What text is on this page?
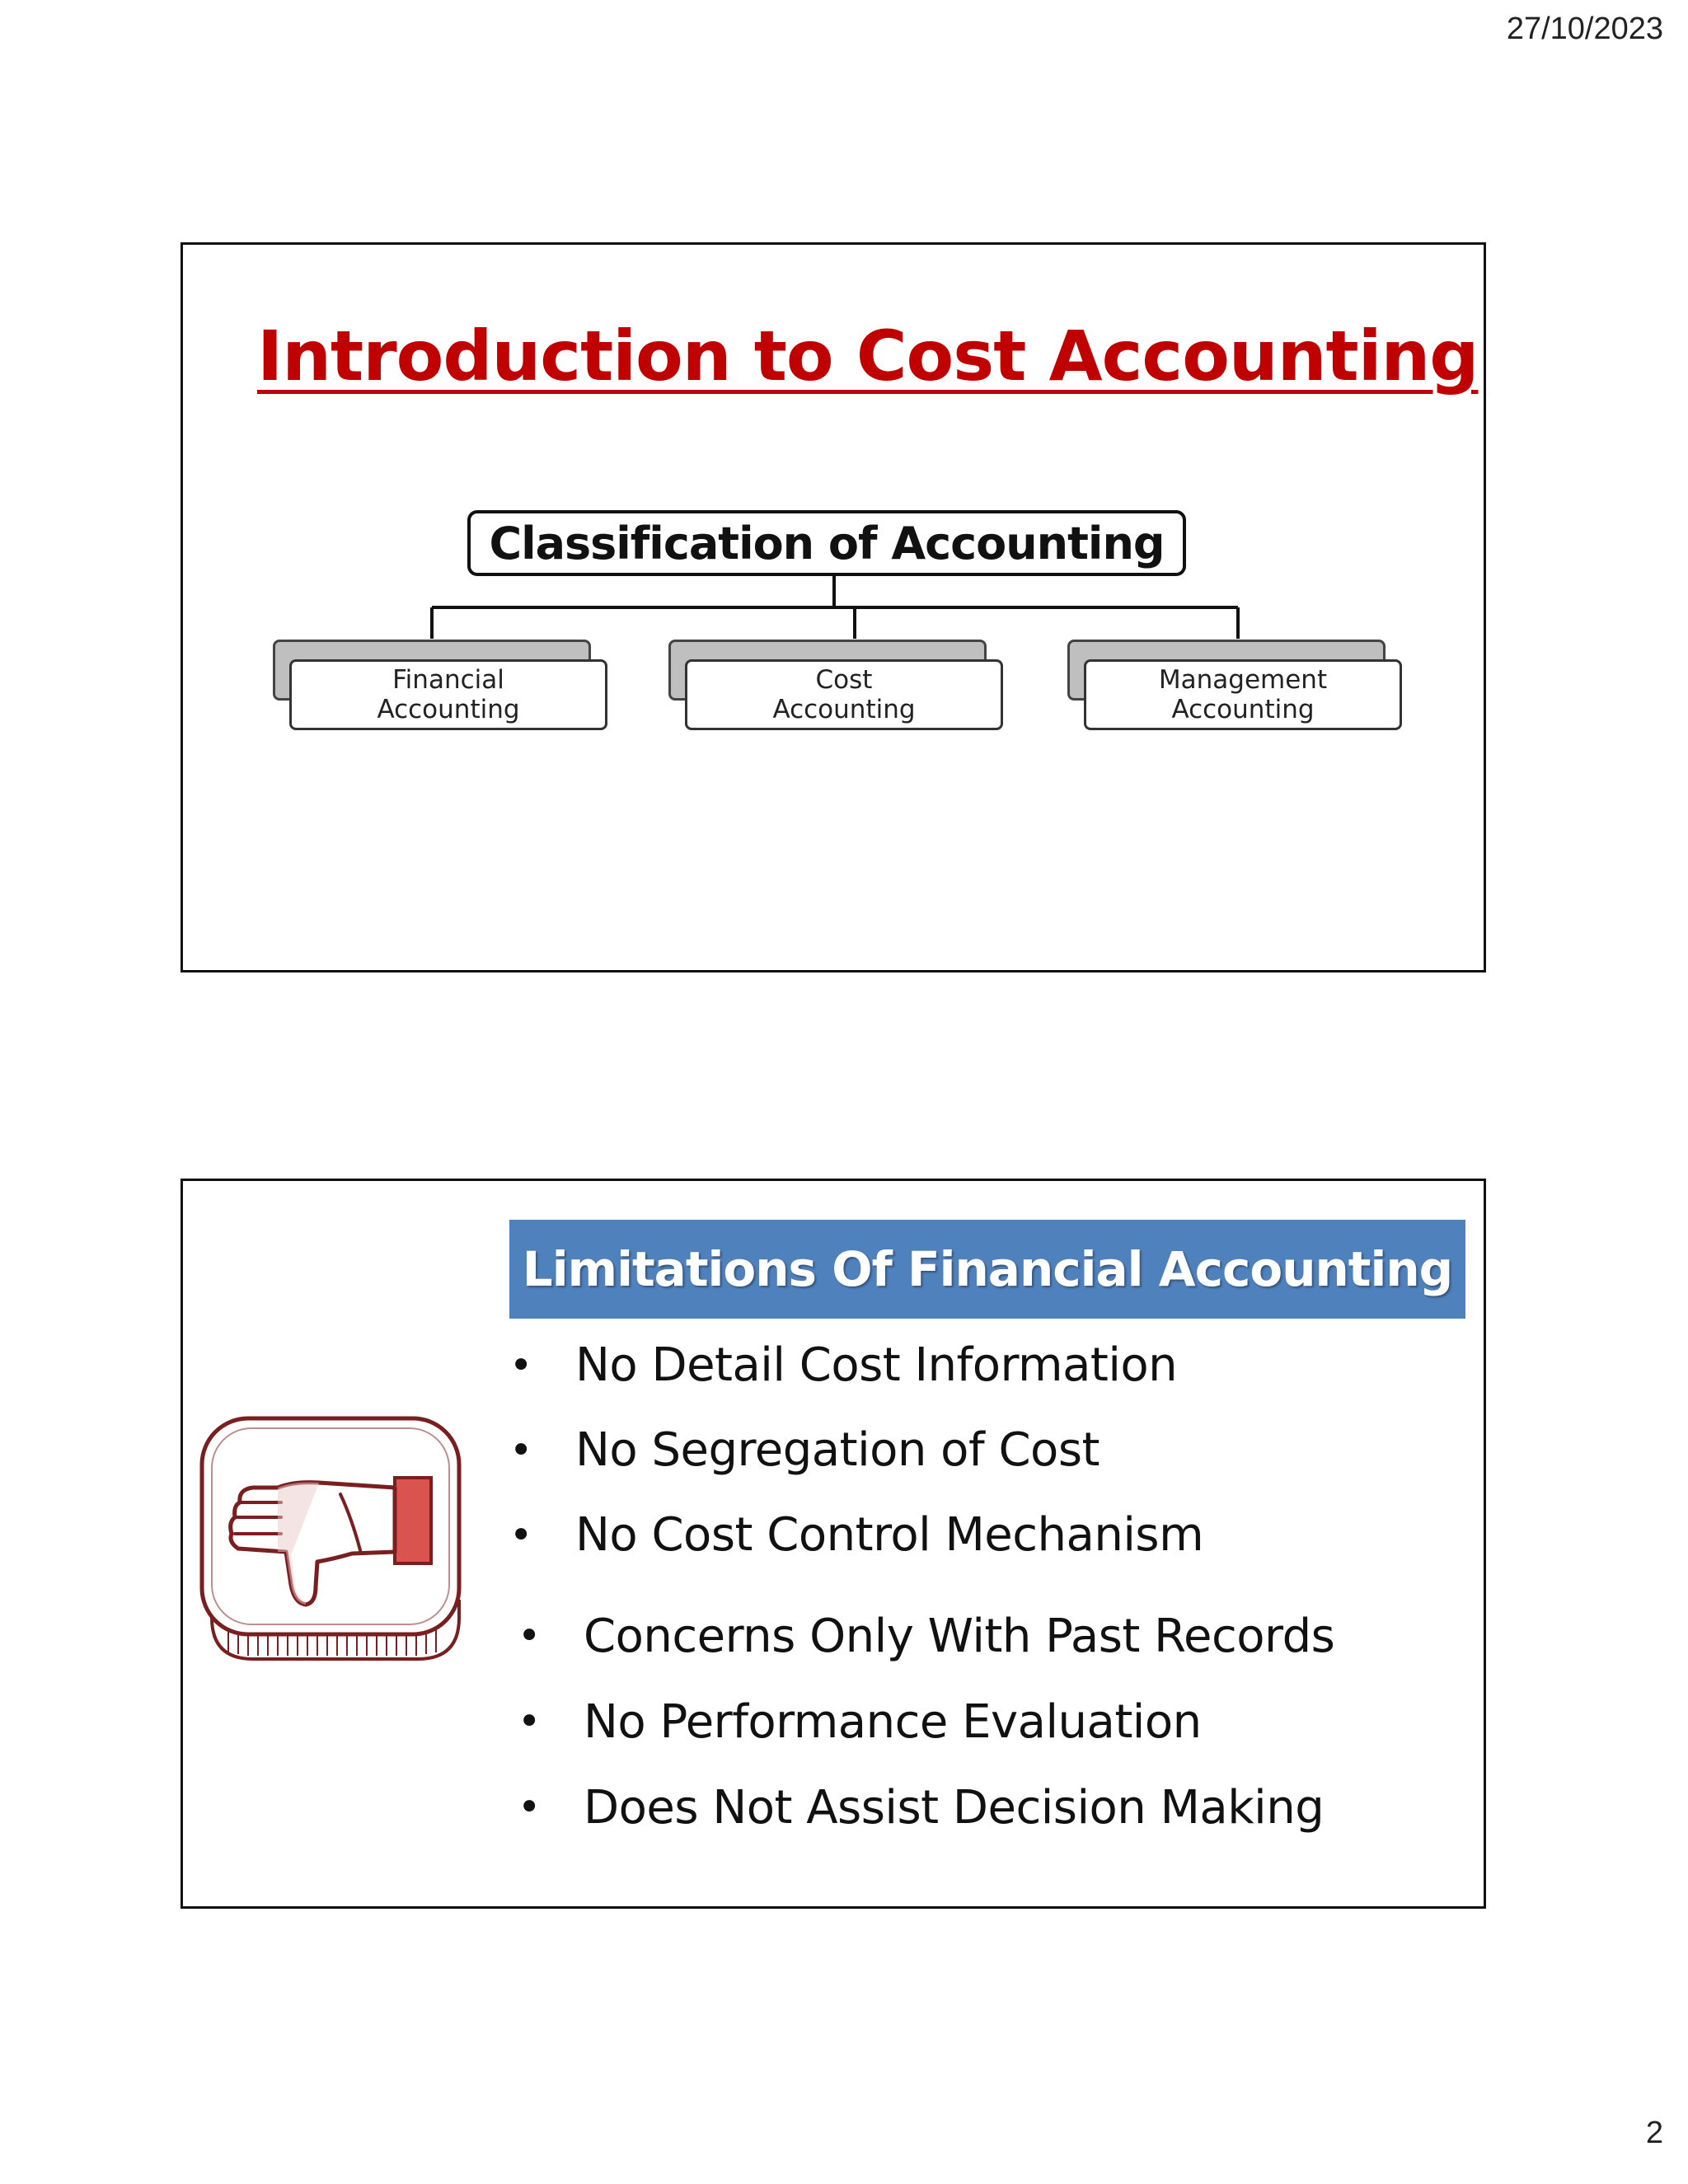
27/10/2023
Introduction to Cost Accounting
Classification of Accounting
Financial
Accounting
Cost
Accounting
Management
Accounting
Limitations Of Financial Accounting
• No Detail Cost Information
• No Segregation of Cost
• No Cost Control Mechanism
• Concerns Only With Past Records
• No Performance Evaluation
• Does Not Assist Decision Making
2
